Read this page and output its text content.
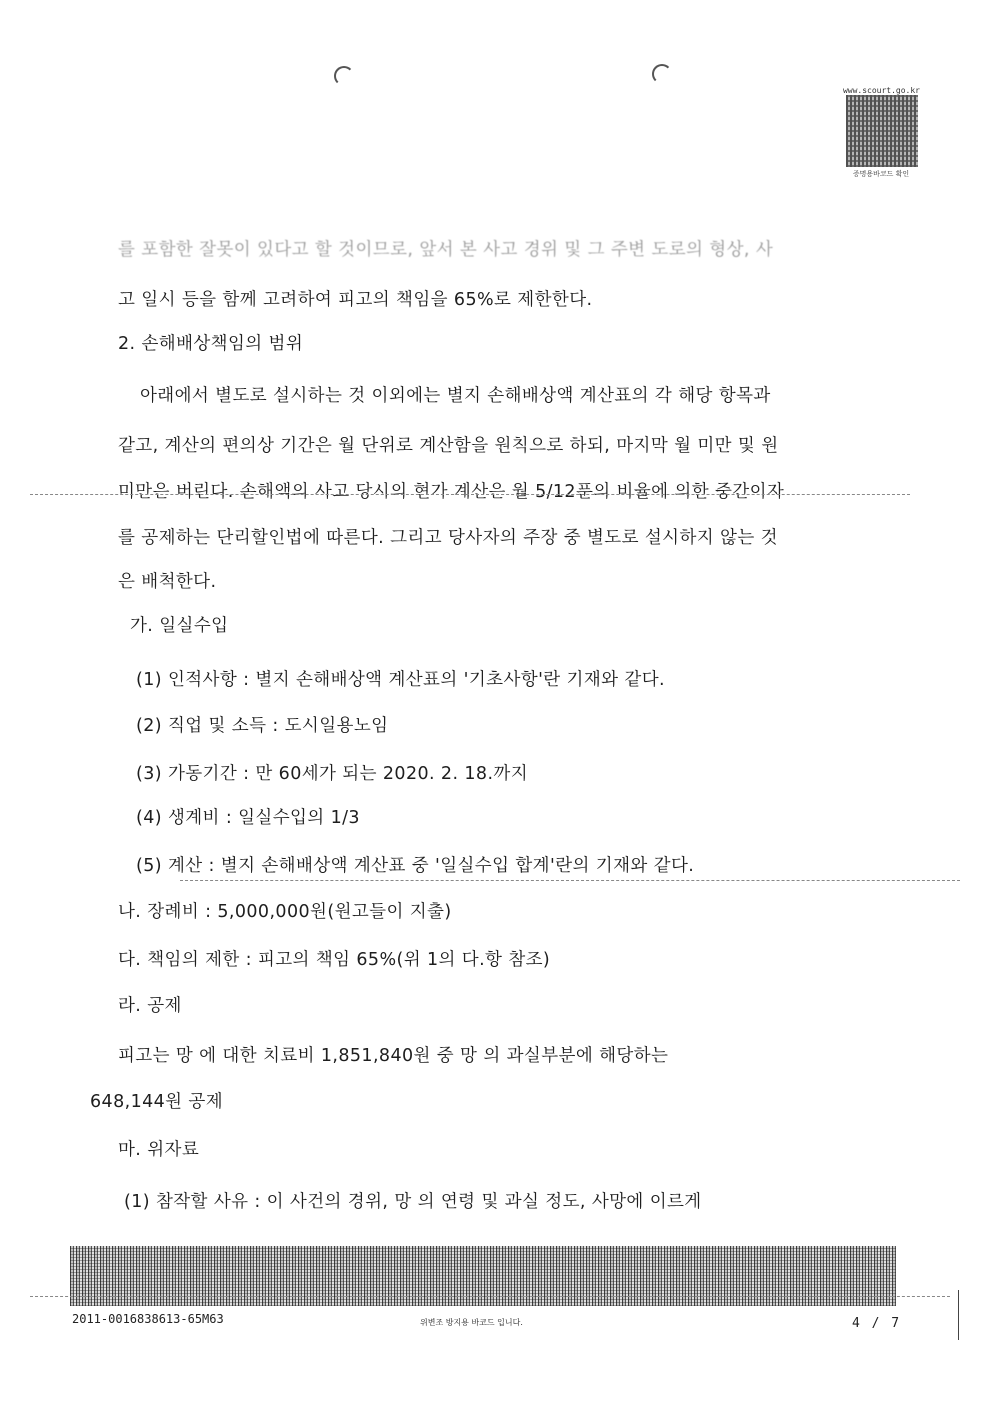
www.scourt.go.kr
증명용바코드 확인
를 포함한 잘못이 있다고 할 것이므로, 앞서 본 사고 경위 및 그 주변 도로의 형상, 사
고 일시 등을 함께 고려하여 피고의 책임을 65%로 제한한다.
2. 손해배상책임의 범위
아래에서 별도로 설시하는 것 이외에는 별지 손해배상액 계산표의 각 해당 항목과
같고, 계산의 편의상 기간은 월 단위로 계산함을 원칙으로 하되, 마지막 월 미만 및 원
미만은 버린다. 손해액의 사고 당시의 현가 계산은 월 5/12푼의 비율에 의한 중간이자
를 공제하는 단리할인법에 따른다. 그리고 당사자의 주장 중 별도로 설시하지 않는 것
은 배척한다.
가. 일실수입
(1) 인적사항 : 별지 손해배상액 계산표의 '기초사항'란 기재와 같다.
(2) 직업 및 소득 : 도시일용노임
(3) 가동기간 : 만 60세가 되는 2020. 2. 18.까지
(4) 생계비 : 일실수입의 1/3
(5) 계산 : 별지 손해배상액 계산표 중 '일실수입 합계'란의 기재와 같다.
나. 장례비 : 5,000,000원(원고들이 지출)
다. 책임의 제한 : 피고의 책임 65%(위 1의 다.항 참조)
라. 공제
피고는 망 에 대한 치료비 1,851,840원 중 망 의 과실부분에 해당하는
648,144원 공제
마. 위자료
(1) 참작할 사유 : 이 사건의 경위, 망 의 연령 및 과실 정도, 사망에 이르게
2011-0016838613-65M63	위변조 방지용 바코드 입니다.	4 / 7
